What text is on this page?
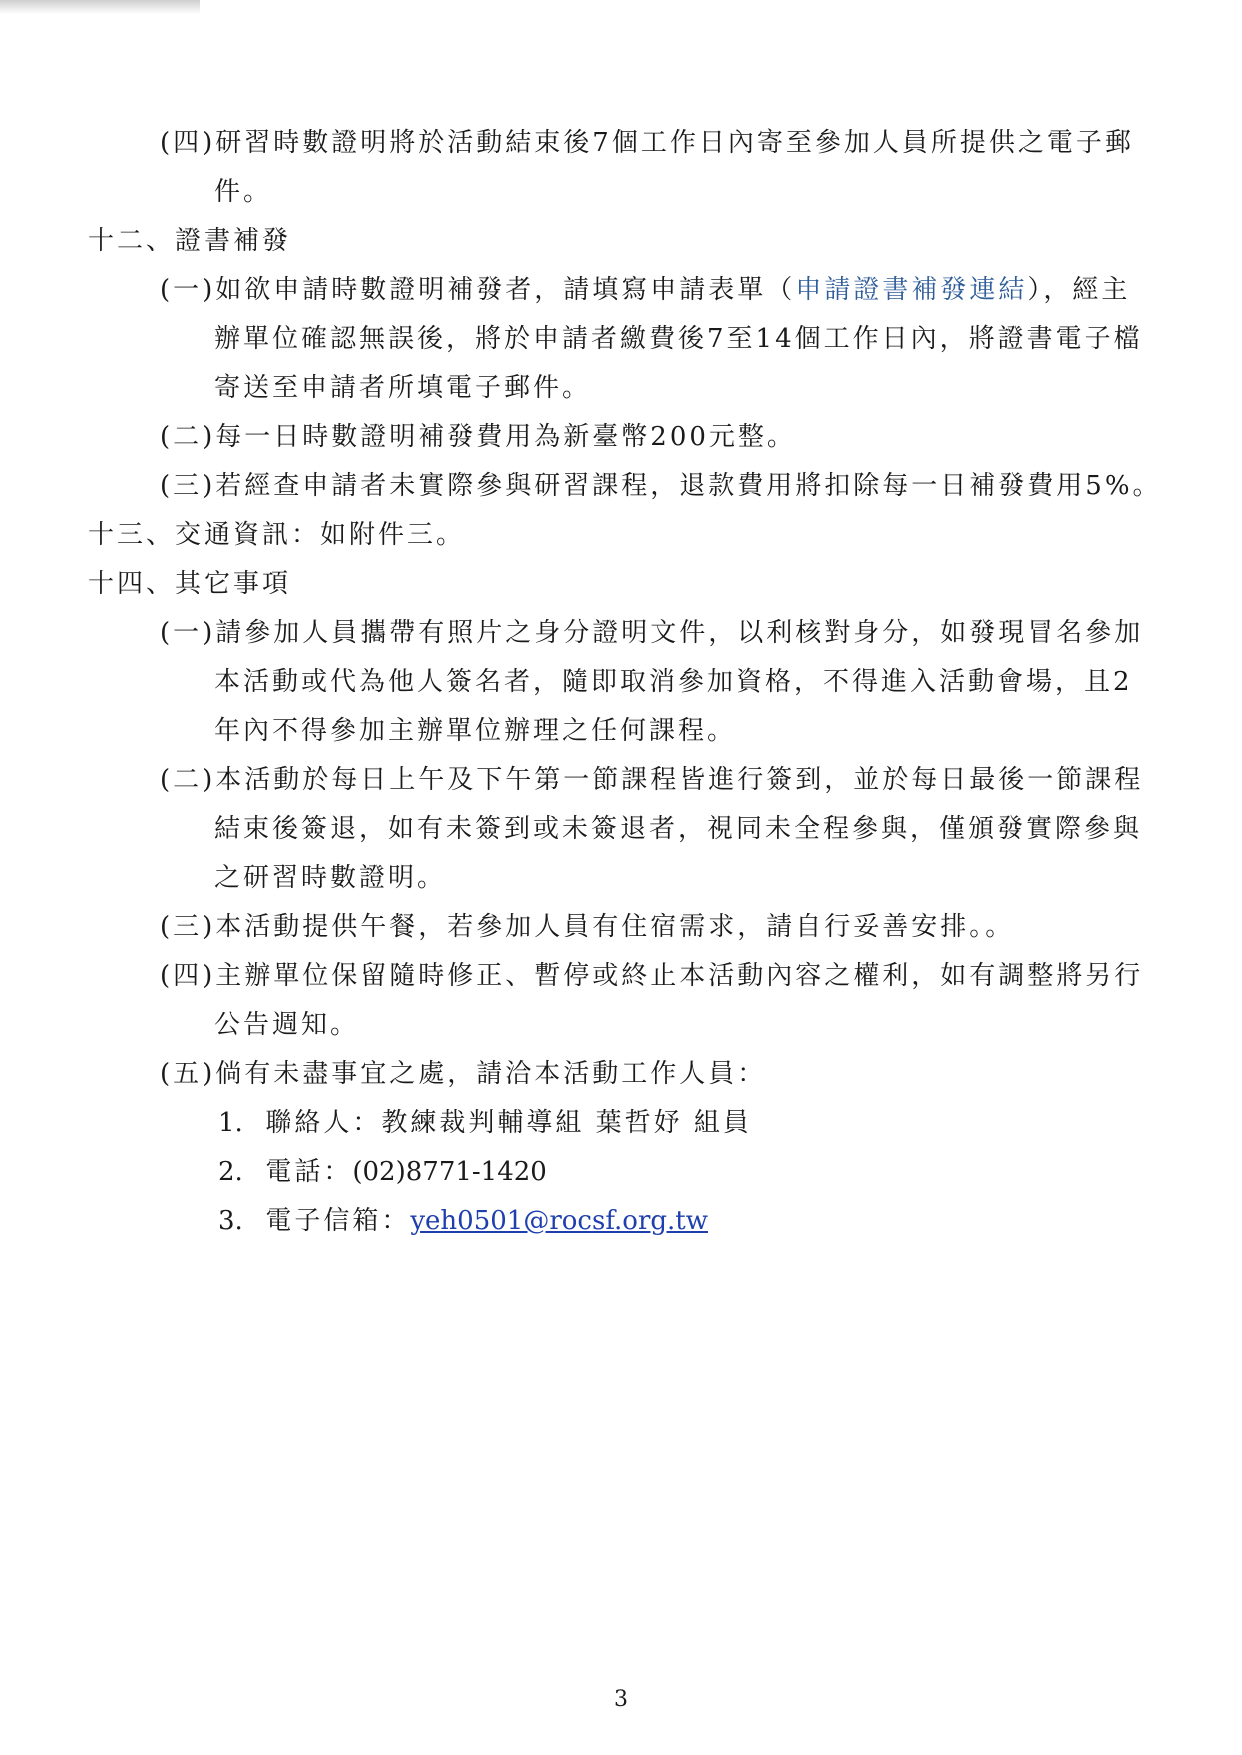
(四)研習時數證明將於活動結束後7個工作日內寄至參加人員所提供之電子郵
件。
十二、證書補發
(一)如欲申請時數證明補發者，請填寫申請表單（申請證書補發連結），經主
辦單位確認無誤後，將於申請者繳費後7至14個工作日內，將證書電子檔
寄送至申請者所填電子郵件。
(二)每一日時數證明補發費用為新臺幣200元整。
(三)若經查申請者未實際參與研習課程，退款費用將扣除每一日補發費用5%。
十三、交通資訊：如附件三。
十四、其它事項
(一)請參加人員攜帶有照片之身分證明文件，以利核對身分，如發現冒名參加
本活動或代為他人簽名者，隨即取消參加資格，不得進入活動會場，且2
年內不得參加主辦單位辦理之任何課程。
(二)本活動於每日上午及下午第一節課程皆進行簽到，並於每日最後一節課程
結束後簽退，如有未簽到或未簽退者，視同未全程參與，僅頒發實際參與
之研習時數證明。
(三)本活動提供午餐，若參加人員有住宿需求，請自行妥善安排。。
(四)主辦單位保留隨時修正、暫停或終止本活動內容之權利，如有調整將另行
公告週知。
(五)倘有未盡事宜之處，請洽本活動工作人員：
1. 聯絡人：教練裁判輔導組 葉哲妤 組員
2. 電話：(02)8771-1420
3. 電子信箱：yeh0501@rocsf.org.tw
3
